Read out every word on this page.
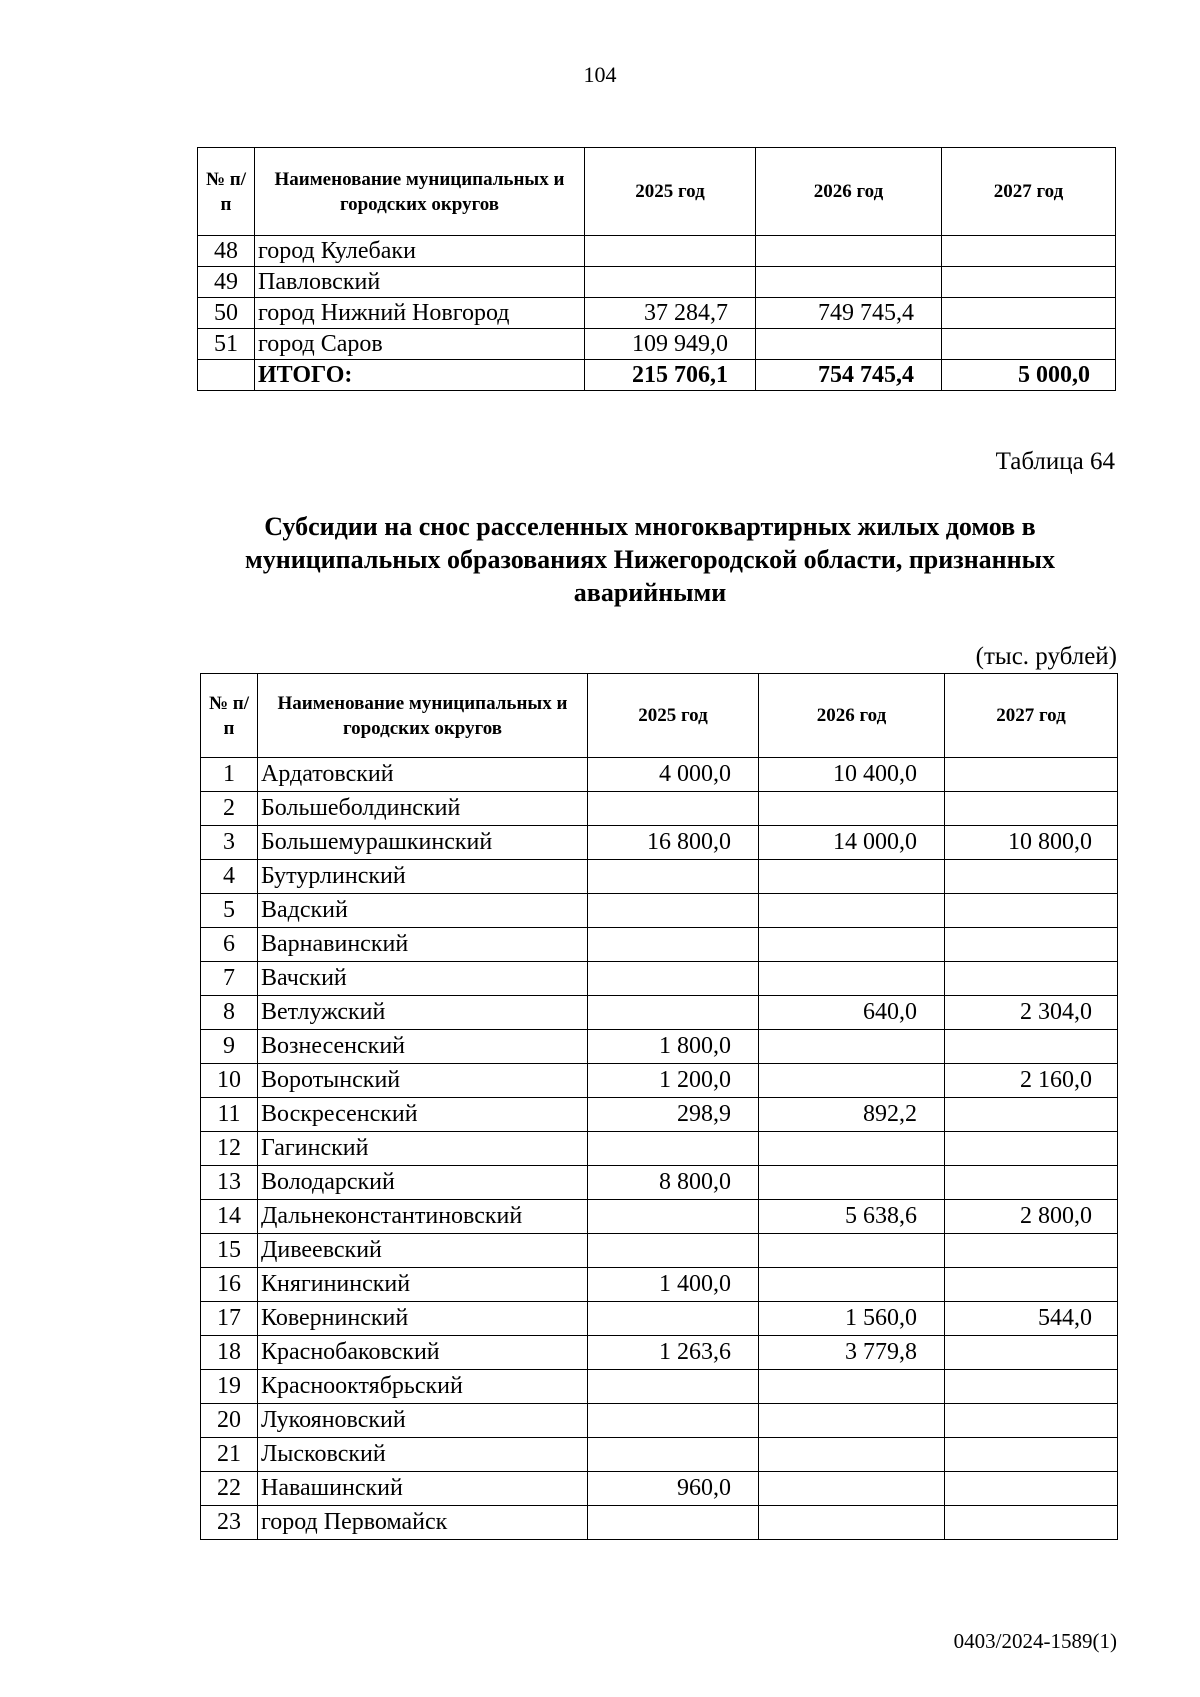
104
№ п/п	Наименование муниципальных и городских округов	2025 год	2026 год	2027 год
48	город Кулебаки			
49	Павловский			
50	город Нижний Новгород	37 284,7	749 745,4	
51	город Саров	109 949,0		
	ИТОГО:	215 706,1	754 745,4	5 000,0
Таблица 64
Субсидии на снос расселенных многоквартирных жилых домов в муниципальных образованиях Нижегородской области, признанных аварийными
(тыс. рублей)
№ п/п	Наименование муниципальных и городских округов	2025 год	2026 год	2027 год
1	Ардатовский	4 000,0	10 400,0	
2	Большеболдинский			
3	Большемурашкинский	16 800,0	14 000,0	10 800,0
4	Бутурлинский			
5	Вадский			
6	Варнавинский			
7	Вачский			
8	Ветлужский		640,0	2 304,0
9	Вознесенский	1 800,0		
10	Воротынский	1 200,0		2 160,0
11	Воскресенский	298,9	892,2	
12	Гагинский			
13	Володарский	8 800,0		
14	Дальнеконстантиновский		5 638,6	2 800,0
15	Дивеевский			
16	Княгининский	1 400,0		
17	Ковернинский		1 560,0	544,0
18	Краснобаковский	1 263,6	3 779,8	
19	Краснооктябрьский			
20	Лукояновский			
21	Лысковский			
22	Навашинский	960,0		
23	город Первомайск			
0403/2024-1589(1)
